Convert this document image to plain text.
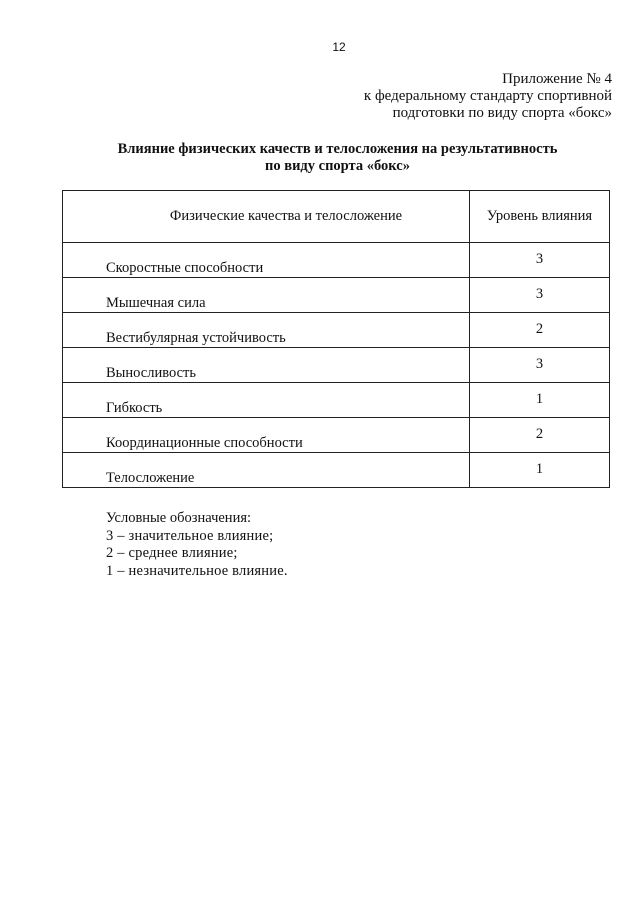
12
Приложение № 4
к федеральному стандарту спортивной
подготовки по виду спорта «бокс»
Влияние физических качеств и телосложения на результативность
по виду спорта «бокс»
Физические качества и телосложение	Уровень влияния

Скоростные способности	3

Мышечная сила	3

Вестибулярная устойчивость	2

Выносливость	3

Гибкость	1

Координационные способности	2

Телосложение	1
Условные обозначения:
3 – значительное влияние;
2 – среднее влияние;
1 – незначительное влияние.
